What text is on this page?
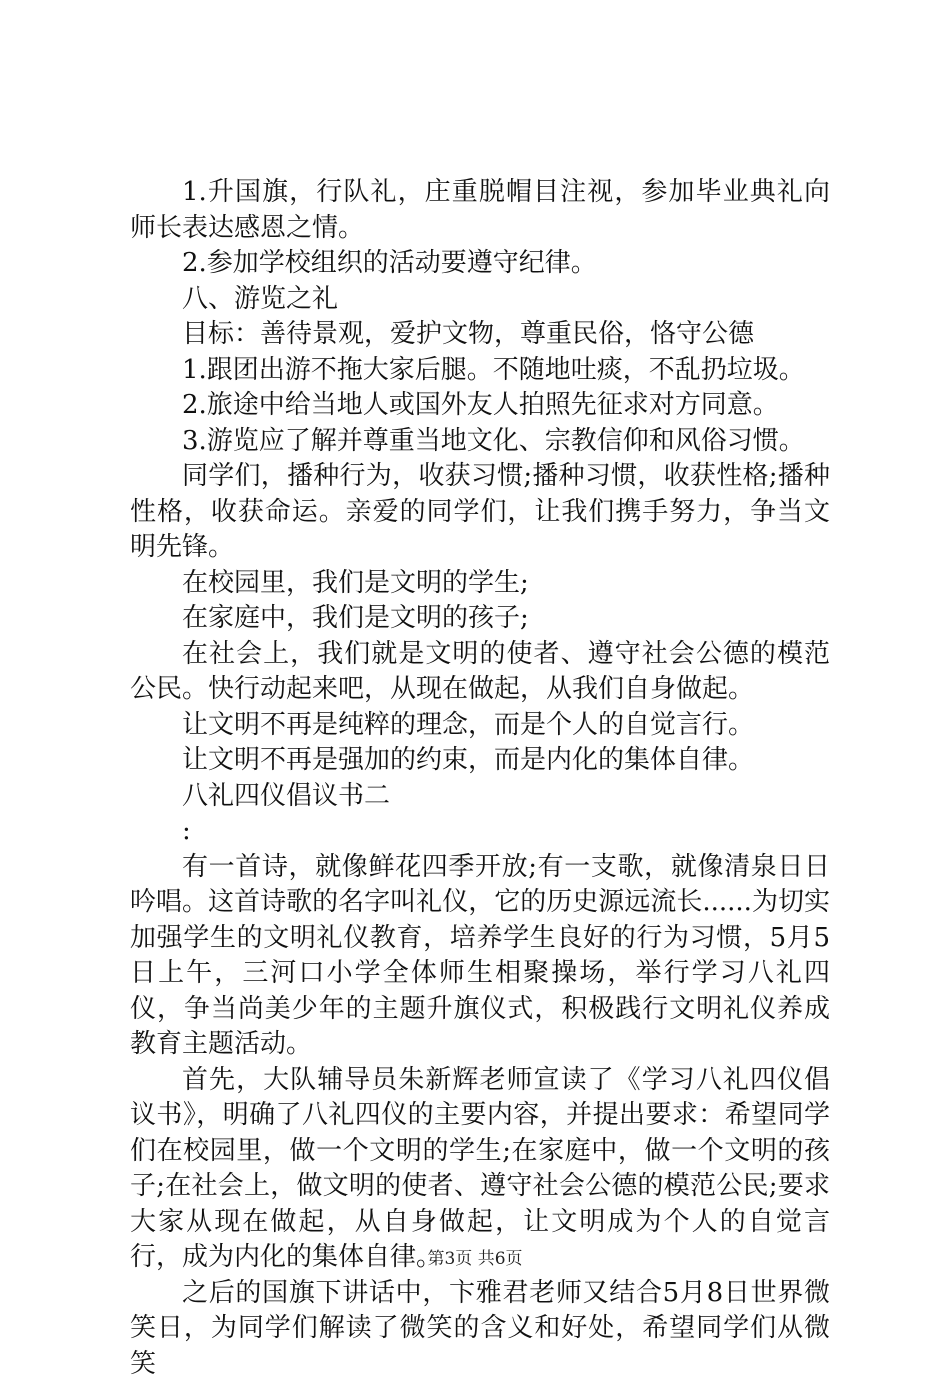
1.升国旗，行队礼，庄重脱帽目注视，参加毕业典礼向师长表达感恩之情。

2.参加学校组织的活动要遵守纪律。

八、游览之礼

目标：善待景观，爱护文物，尊重民俗，恪守公德

1.跟团出游不拖大家后腿。不随地吐痰，不乱扔垃圾。

2.旅途中给当地人或国外友人拍照先征求对方同意。

3.游览应了解并尊重当地文化、宗教信仰和风俗习惯。

同学们，播种行为，收获习惯;播种习惯，收获性格;播种性格，收获命运。亲爱的同学们，让我们携手努力，争当文明先锋。

在校园里，我们是文明的学生;

在家庭中，我们是文明的孩子;

在社会上，我们就是文明的使者、遵守社会公德的模范公民。快行动起来吧，从现在做起，从我们自身做起。

让文明不再是纯粹的理念，而是个人的自觉言行。

让文明不再是强加的约束，而是内化的集体自律。

八礼四仪倡议书二

:

有一首诗，就像鲜花四季开放;有一支歌，就像清泉日日吟唱。这首诗歌的名字叫礼仪，它的历史源远流长......为切实加强学生的文明礼仪教育，培养学生良好的行为习惯，5月5日上午，三河口小学全体师生相聚操场，举行学习八礼四仪，争当尚美少年的主题升旗仪式，积极践行文明礼仪养成教育主题活动。

首先，大队辅导员朱新辉老师宣读了《学习八礼四仪倡议书》，明确了八礼四仪的主要内容，并提出要求：希望同学们在校园里，做一个文明的学生;在家庭中，做一个文明的孩子;在社会上，做文明的使者、遵守社会公德的模范公民;要求大家从现在做起，从自身做起，让文明成为个人的自觉言行，成为内化的集体自律。

之后的国旗下讲话中，卞雅君老师又结合5月8日世界微笑日，为同学们解读了微笑的含义和好处，希望同学们从微笑

第3页 共6页
